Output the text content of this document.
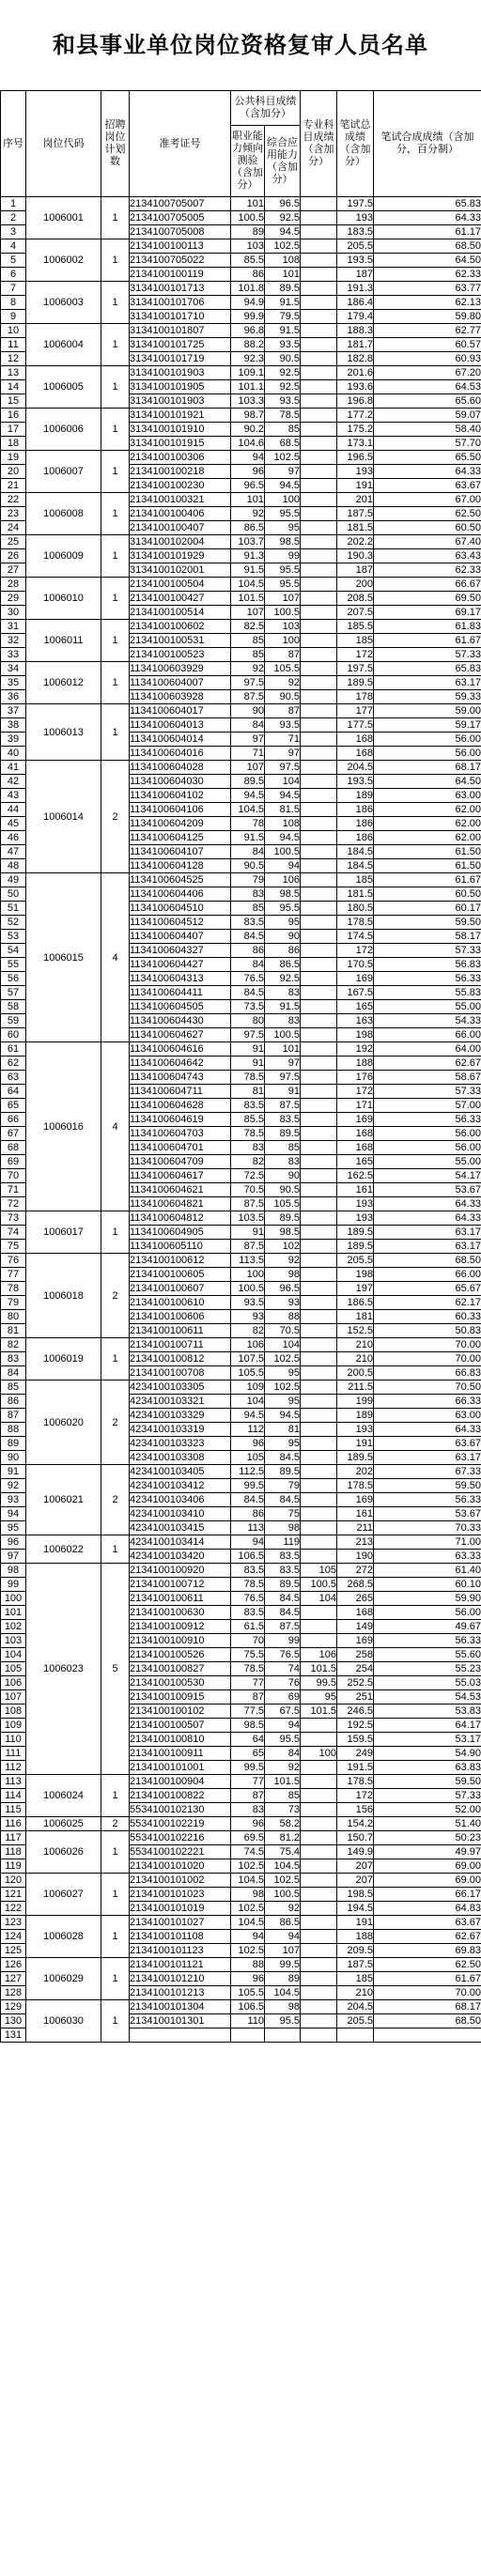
和县事业单位岗位资格复审人员名单
序号	岗位代码	招聘岗位计划数	准考证号	公共科目成绩（含加分）		专业科目成绩（含加分）	笔试总成绩（含加分）	笔试合成成绩（含加分，百分制）
				职业能力倾向测验（含加分）	综合应用能力（含加分）			
1	1006001	1	2134100705007	101	96.5		197.5	65.83
2			2134100705005	100.5	92.5		193	64.33
3			2134100705008	89	94.5		183.5	61.17
4	1006002	1	2134100100113	103	102.5		205.5	68.50
5			2134100705022	85.5	108		193.5	64.50
6			2134100100119	86	101		187	62.33
7	1006003	1	3134100101713	101.8	89.5		191.3	63.77
8			3134100101706	94.9	91.5		186.4	62.13
9			3134100101710	99.9	79.5		179.4	59.80
10	1006004	1	3134100101807	96.8	91.5		188.3	62.77
11			3134100101725	88.2	93.5		181.7	60.57
12			3134100101719	92.3	90.5		182.8	60.93
13	1006005	1	3134100101903	109.1	92.5		201.6	67.20
14			3134100101905	101.1	92.5		193.6	64.53
15			3134100101903	103.3	93.5		196.8	65.60
16	1006006	1	3134100101921	98.7	78.5		177.2	59.07
17			3134100101910	90.2	85		175.2	58.40
18			3134100101915	104.6	68.5		173.1	57.70
19	1006007	1	2134100100306	94	102.5		196.5	65.50
20			2134100100218	96	97		193	64.33
21			2134100100230	96.5	94.5		191	63.67
22	1006008	1	2134100100321	101	100		201	67.00
23			2134100100406	92	95.5		187.5	62.50
24			2134100100407	86.5	95		181.5	60.50
25	1006009	1	3134100102004	103.7	98.5		202.2	67.40
26			3134100101929	91.3	99		190.3	63.43
27			3134100102001	91.5	95.5		187	62.33
28	1006010	1	2134100100504	104.5	95.5		200	66.67
29			2134100100427	101.5	107		208.5	69.50
30			2134100100514	107	100.5		207.5	69.17
31	1006011	1	2134100100602	82.5	103		185.5	61.83
32			2134100100531	85	100		185	61.67
33			2134100100523	85	87		172	57.33
34	1006012	1	1134100603929	92	105.5		197.5	65.83
35			1134100604007	97.5	92		189.5	63.17
36			1134100603928	87.5	90.5		178	59.33
37	1006013	1	1134100604017	90	87		177	59.00
38			1134100604013	84	93.5		177.5	59.17
39			1134100604014	97	71		168	56.00
40			1134100604016	71	97		168	56.00
41	1006014	2	1134100604028	107	97.5		204.5	68.17
42			1134100604030	89.5	104		193.5	64.50
43			1134100604102	94.5	94.5		189	63.00
44			1134100604106	104.5	81.5		186	62.00
45			1134100604209	78	108		186	62.00
46			1134100604125	91.5	94.5		186	62.00
47			1134100604107	84	100.5		184.5	61.50
48			1134100604128	90.5	94		184.5	61.50
49	1006015	4	1134100604525	79	106		185	61.67
50			1134100604406	83	98.5		181.5	60.50
51			1134100604510	85	95.5		180.5	60.17
52			1134100604512	83.5	95		178.5	59.50
53			1134100604407	84.5	90		174.5	58.17
54			1134100604327	86	86		172	57.33
55			1134100604427	84	86.5		170.5	56.83
56			1134100604313	76.5	92.5		169	56.33
57			1134100604411	84.5	83		167.5	55.83
58			1134100604505	73.5	91.5		165	55.00
59			1134100604430	80	83		163	54.33
60			1134100604627	97.5	100.5		198	66.00
61	1006016	4	1134100604616	91	101		192	64.00
62			1134100604642	91	97		188	62.67
63			1134100604743	78.5	97.5		176	58.67
64			1134100604711	81	91		172	57.33
65			1134100604628	83.5	87.5		171	57.00
66			1134100604619	85.5	83.5		169	56.33
67			1134100604703	78.5	89.5		168	56.00
68			1134100604701	83	85		168	56.00
69			1134100604709	82	83		165	55.00
70			1134100604617	72.5	90		162.5	54.17
71			1134100604621	70.5	90.5		161	53.67
72			1134100604821	87.5	105.5		193	64.33
73	1006017	1	1134100604812	103.5	89.5		193	64.33
74			1134100604905	91	98.5		189.5	63.17
75			1134100605110	87.5	102		189.5	63.17
76	1006018	2	2134100100612	113.5	92		205.5	68.50
77			2134100100605	100	98		198	66.00
78			2134100100607	100.5	96.5		197	65.67
79			2134100100610	93.5	93		186.5	62.17
80			2134100100606	93	88		181	60.33
81			2134100100611	82	70.5		152.5	50.83
82	1006019	1	2134100100711	106	104		210	70.00
83			2134100100812	107.5	102.5		210	70.00
84			2134100100708	105.5	95		200.5	66.83
85	1006020	2	4234100103305	109	102.5		211.5	70.50
86			4234100103321	104	95		199	66.33
87			4234100103329	94.5	94.5		189	63.00
88			4234100103319	112	81		193	64.33
89			4234100103323	96	95		191	63.67
90			4234100103308	105	84.5		189.5	63.17
91	1006021	2	4234100103405	112.5	89.5		202	67.33
92			4234100103412	99.5	79		178.5	59.50
93			4234100103406	84.5	84.5		169	56.33
94			4234100103410	86	75		161	53.67
95			4234100103415	113	98		211	70.33
96	1006022	1	4234100103414	94	119		213	71.00
97			4234100103420	106.5	83.5		190	63.33
98	1006023	5	2134100100920	83.5	83.5	105	272	61.40
99			2134100100712	78.5	89.5	100.5	268.5	60.10
100			2134100100611	76.5	84.5	104	265	59.90
101			2134100100630	83.5	84.5		168	56.00
102			2134100100912	61.5	87.5		149	49.67
103			2134100100910	70	99		169	56.33
104			2134100100526	75.5	76.5	106	258	55.60
105			2134100100827	78.5	74	101.5	254	55.23
106			2134100100530	77	76	99.5	252.5	55.03
107			2134100100915	87	69	95	251	54.53
108			2134100100102	77.5	67.5	101.5	246.5	53.83
109			2134100100507	98.5	94		192.5	64.17
110			2134100100810	64	95.5		159.5	53.17
111			2134100100911	65	84	100	249	54.90
112			2134100101001	99.5	92		191.5	63.83
113	1006024	1	2134100100904	77	101.5		178.5	59.50
114			2134100100822	87	85		172	57.33
115			5534100102130	83	73		156	52.00
116	1006025	2	5534100102219	96	58.2		154.2	51.40
117	1006026	1	5534100102216	69.5	81.2		150.7	50.23
118			5534100102221	74.5	75.4		149.9	49.97
119			2134100101020	102.5	104.5		207	69.00
120	1006027	1	2134100101002	104.5	102.5		207	69.00
121			2134100101023	98	100.5		198.5	66.17
122			2134100101019	102.5	92		194.5	64.83
123	1006028	1	2134100101027	104.5	86.5		191	63.67
124			2134100101108	94	94		188	62.67
125			2134100101123	102.5	107		209.5	69.83
126	1006029	1	2134100101121	88	99.5		187.5	62.50
127			2134100101210	96	89		185	61.67
128			2134100101213	105.5	104.5		210	70.00
129	1006030	1	2134100101304	106.5	98		204.5	68.17
130			2134100101301	110	95.5		205.5	68.50
131								
